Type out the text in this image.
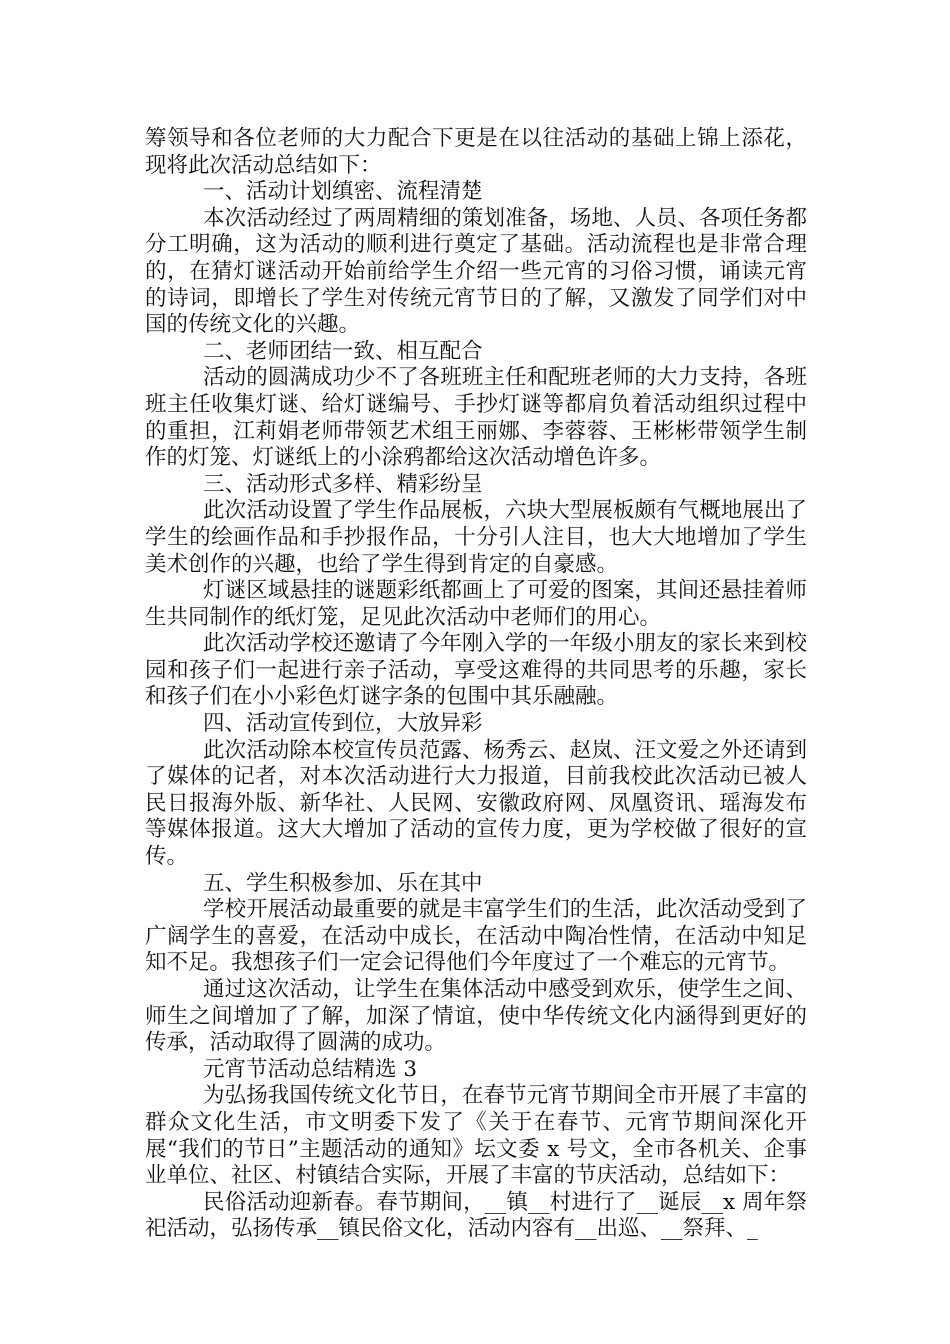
筹领导和各位老师的大力配合下更是在以往活动的基础上锦上添花，现将此次活动总结如下：

一、活动计划缜密、流程清楚

本次活动经过了两周精细的策划准备，场地、人员、各项任务都分工明确，这为活动的顺利进行奠定了基础。活动流程也是非常合理的，在猜灯谜活动开始前给学生介绍一些元宵的习俗习惯，诵读元宵的诗词，即增长了学生对传统元宵节日的了解，又激发了同学们对中国的传统文化的兴趣。

二、老师团结一致、相互配合

活动的圆满成功少不了各班班主任和配班老师的大力支持，各班班主任收集灯谜、给灯谜编号、手抄灯谜等都肩负着活动组织过程中的重担，江莉娟老师带领艺术组王丽娜、李蓉蓉、王彬彬带领学生制作的灯笼、灯谜纸上的小涂鸦都给这次活动增色许多。

三、活动形式多样、精彩纷呈

此次活动设置了学生作品展板，六块大型展板颇有气概地展出了学生的绘画作品和手抄报作品，十分引人注目，也大大地增加了学生美术创作的兴趣，也给了学生得到肯定的自豪感。

灯谜区域悬挂的谜题彩纸都画上了可爱的图案，其间还悬挂着师生共同制作的纸灯笼，足见此次活动中老师们的用心。

此次活动学校还邀请了今年刚入学的一年级小朋友的家长来到校园和孩子们一起进行亲子活动，享受这难得的共同思考的乐趣，家长和孩子们在小小彩色灯谜字条的包围中其乐融融。

四、活动宣传到位，大放异彩

此次活动除本校宣传员范露、杨秀云、赵岚、汪文爱之外还请到了媒体的记者，对本次活动进行大力报道，目前我校此次活动已被人民日报海外版、新华社、人民网、安徽政府网、凤凰资讯、瑶海发布等媒体报道。这大大增加了活动的宣传力度，更为学校做了很好的宣传。

五、学生积极参加、乐在其中

学校开展活动最重要的就是丰富学生们的生活，此次活动受到了广阔学生的喜爱，在活动中成长，在活动中陶冶性情，在活动中知足知不足。我想孩子们一定会记得他们今年度过了一个难忘的元宵节。

通过这次活动，让学生在集体活动中感受到欢乐，使学生之间、师生之间增加了了解，加深了情谊，使中华传统文化内涵得到更好的传承，活动取得了圆满的成功。

元宵节活动总结精选 3

为弘扬我国传统文化节日，在春节元宵节期间全市开展了丰富的群众文化生活，市文明委下发了《关于在春节、元宵节期间深化开展“我们的节日”主题活动的通知》坛文委 x 号文，全市各机关、企事业单位、社区、村镇结合实际，开展了丰富的节庆活动，总结如下：

民俗活动迎新春。春节期间，__镇__村进行了__诞辰__x 周年祭祀活动，弘扬传承__镇民俗文化，活动内容有__出巡、__祭拜、_
